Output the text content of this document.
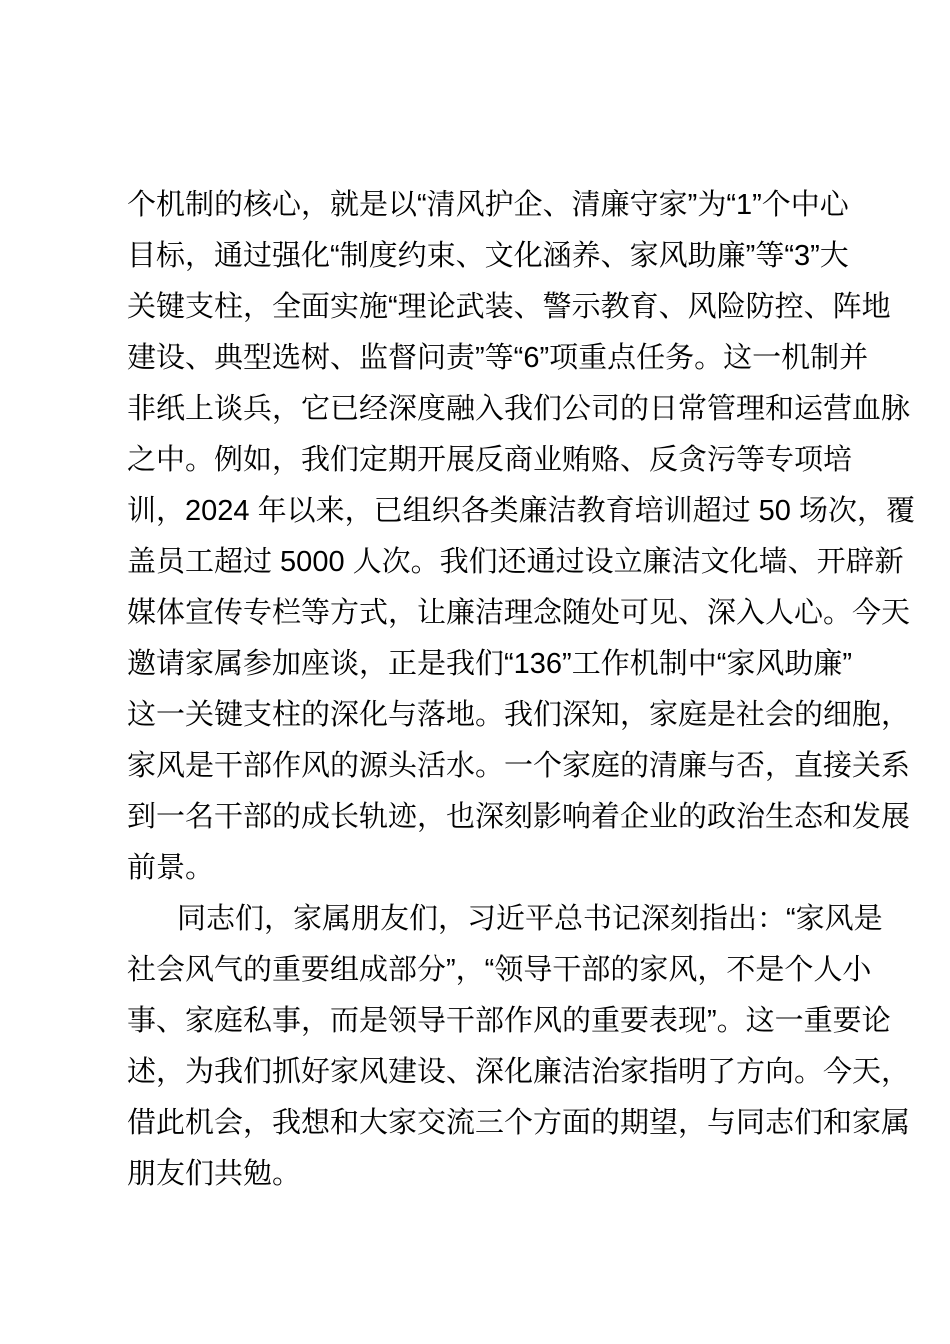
个机制的核心，就是以“清风护企、清廉守家”为“1”个中心
目标，通过强化“制度约束、文化涵养、家风助廉”等“3”大
关键支柱，全面实施“理论武装、警示教育、风险防控、阵地
建设、典型选树、监督问责”等“6”项重点任务。这一机制并
非纸上谈兵，它已经深度融入我们公司的日常管理和运营血脉
之中。例如，我们定期开展反商业贿赂、反贪污等专项培
训，2024 年以来，已组织各类廉洁教育培训超过 50 场次，覆
盖员工超过 5000 人次。我们还通过设立廉洁文化墙、开辟新
媒体宣传专栏等方式，让廉洁理念随处可见、深入人心。今天
邀请家属参加座谈，正是我们“136”工作机制中“家风助廉”
这一关键支柱的深化与落地。我们深知，家庭是社会的细胞，
家风是干部作风的源头活水。一个家庭的清廉与否，直接关系
到一名干部的成长轨迹，也深刻影响着企业的政治生态和发展
前景。
同志们，家属朋友们，习近平总书记深刻指出：“家风是
社会风气的重要组成部分”，“领导干部的家风，不是个人小
事、家庭私事，而是领导干部作风的重要表现”。这一重要论
述，为我们抓好家风建设、深化廉洁治家指明了方向。今天，
借此机会，我想和大家交流三个方面的期望，与同志们和家属
朋友们共勉。
